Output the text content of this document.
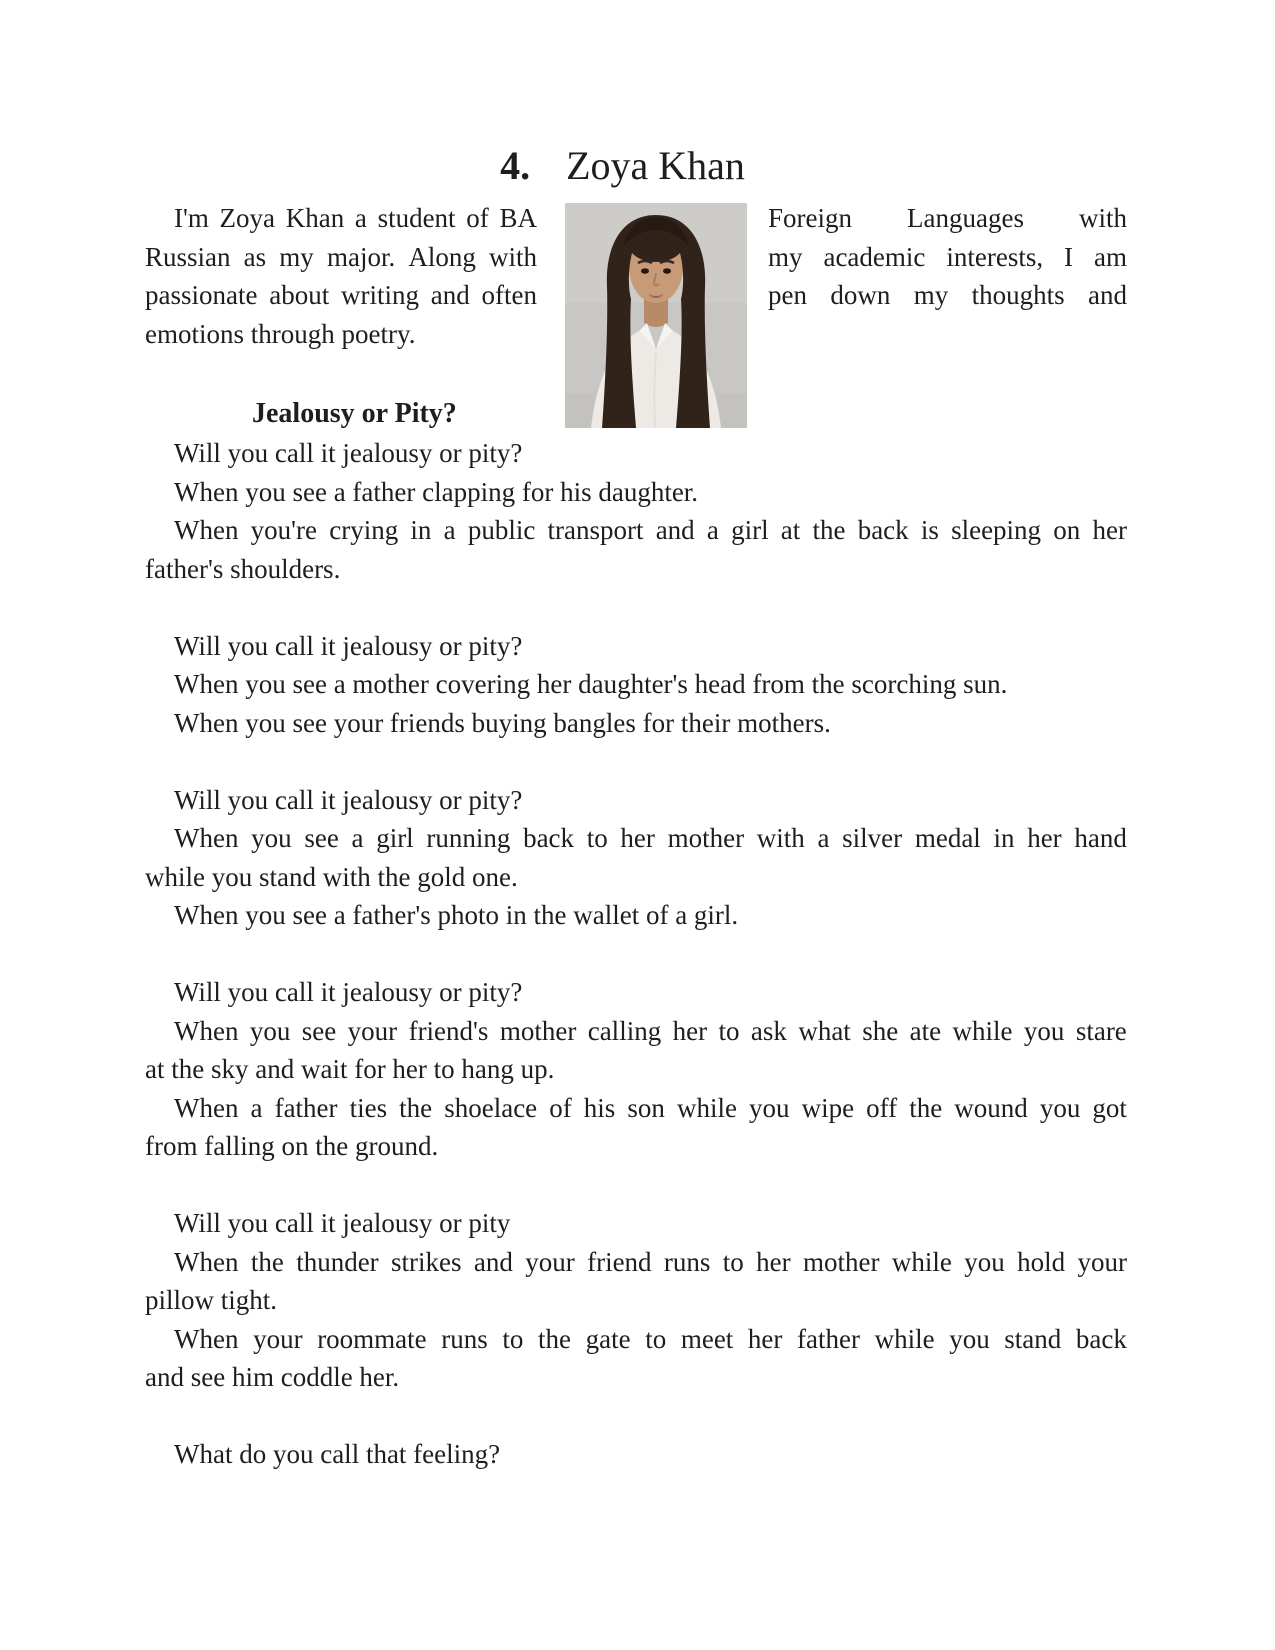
4. Zoya Khan
I'm Zoya Khan a student of BA
Russian as my major. Along with
passionate about writing and often
emotions through poetry.
Foreign Languages with
my academic interests, I am
pen down my thoughts and
Jealousy or Pity?
Will you call it jealousy or pity?
When you see a father clapping for his daughter.
When you're crying in a public transport and a girl at the back is sleeping on her
father's shoulders.
Will you call it jealousy or pity?
When you see a mother covering her daughter's head from the scorching sun.
When you see your friends buying bangles for their mothers.
Will you call it jealousy or pity?
When you see a girl running back to her mother with a silver medal in her hand
while you stand with the gold one.
When you see a father's photo in the wallet of a girl.
Will you call it jealousy or pity?
When you see your friend's mother calling her to ask what she ate while you stare
at the sky and wait for her to hang up.
When a father ties the shoelace of his son while you wipe off the wound you got
from falling on the ground.
Will you call it jealousy or pity
When the thunder strikes and your friend runs to her mother while you hold your
pillow tight.
When your roommate runs to the gate to meet her father while you stand back
and see him coddle her.
What do you call that feeling?
